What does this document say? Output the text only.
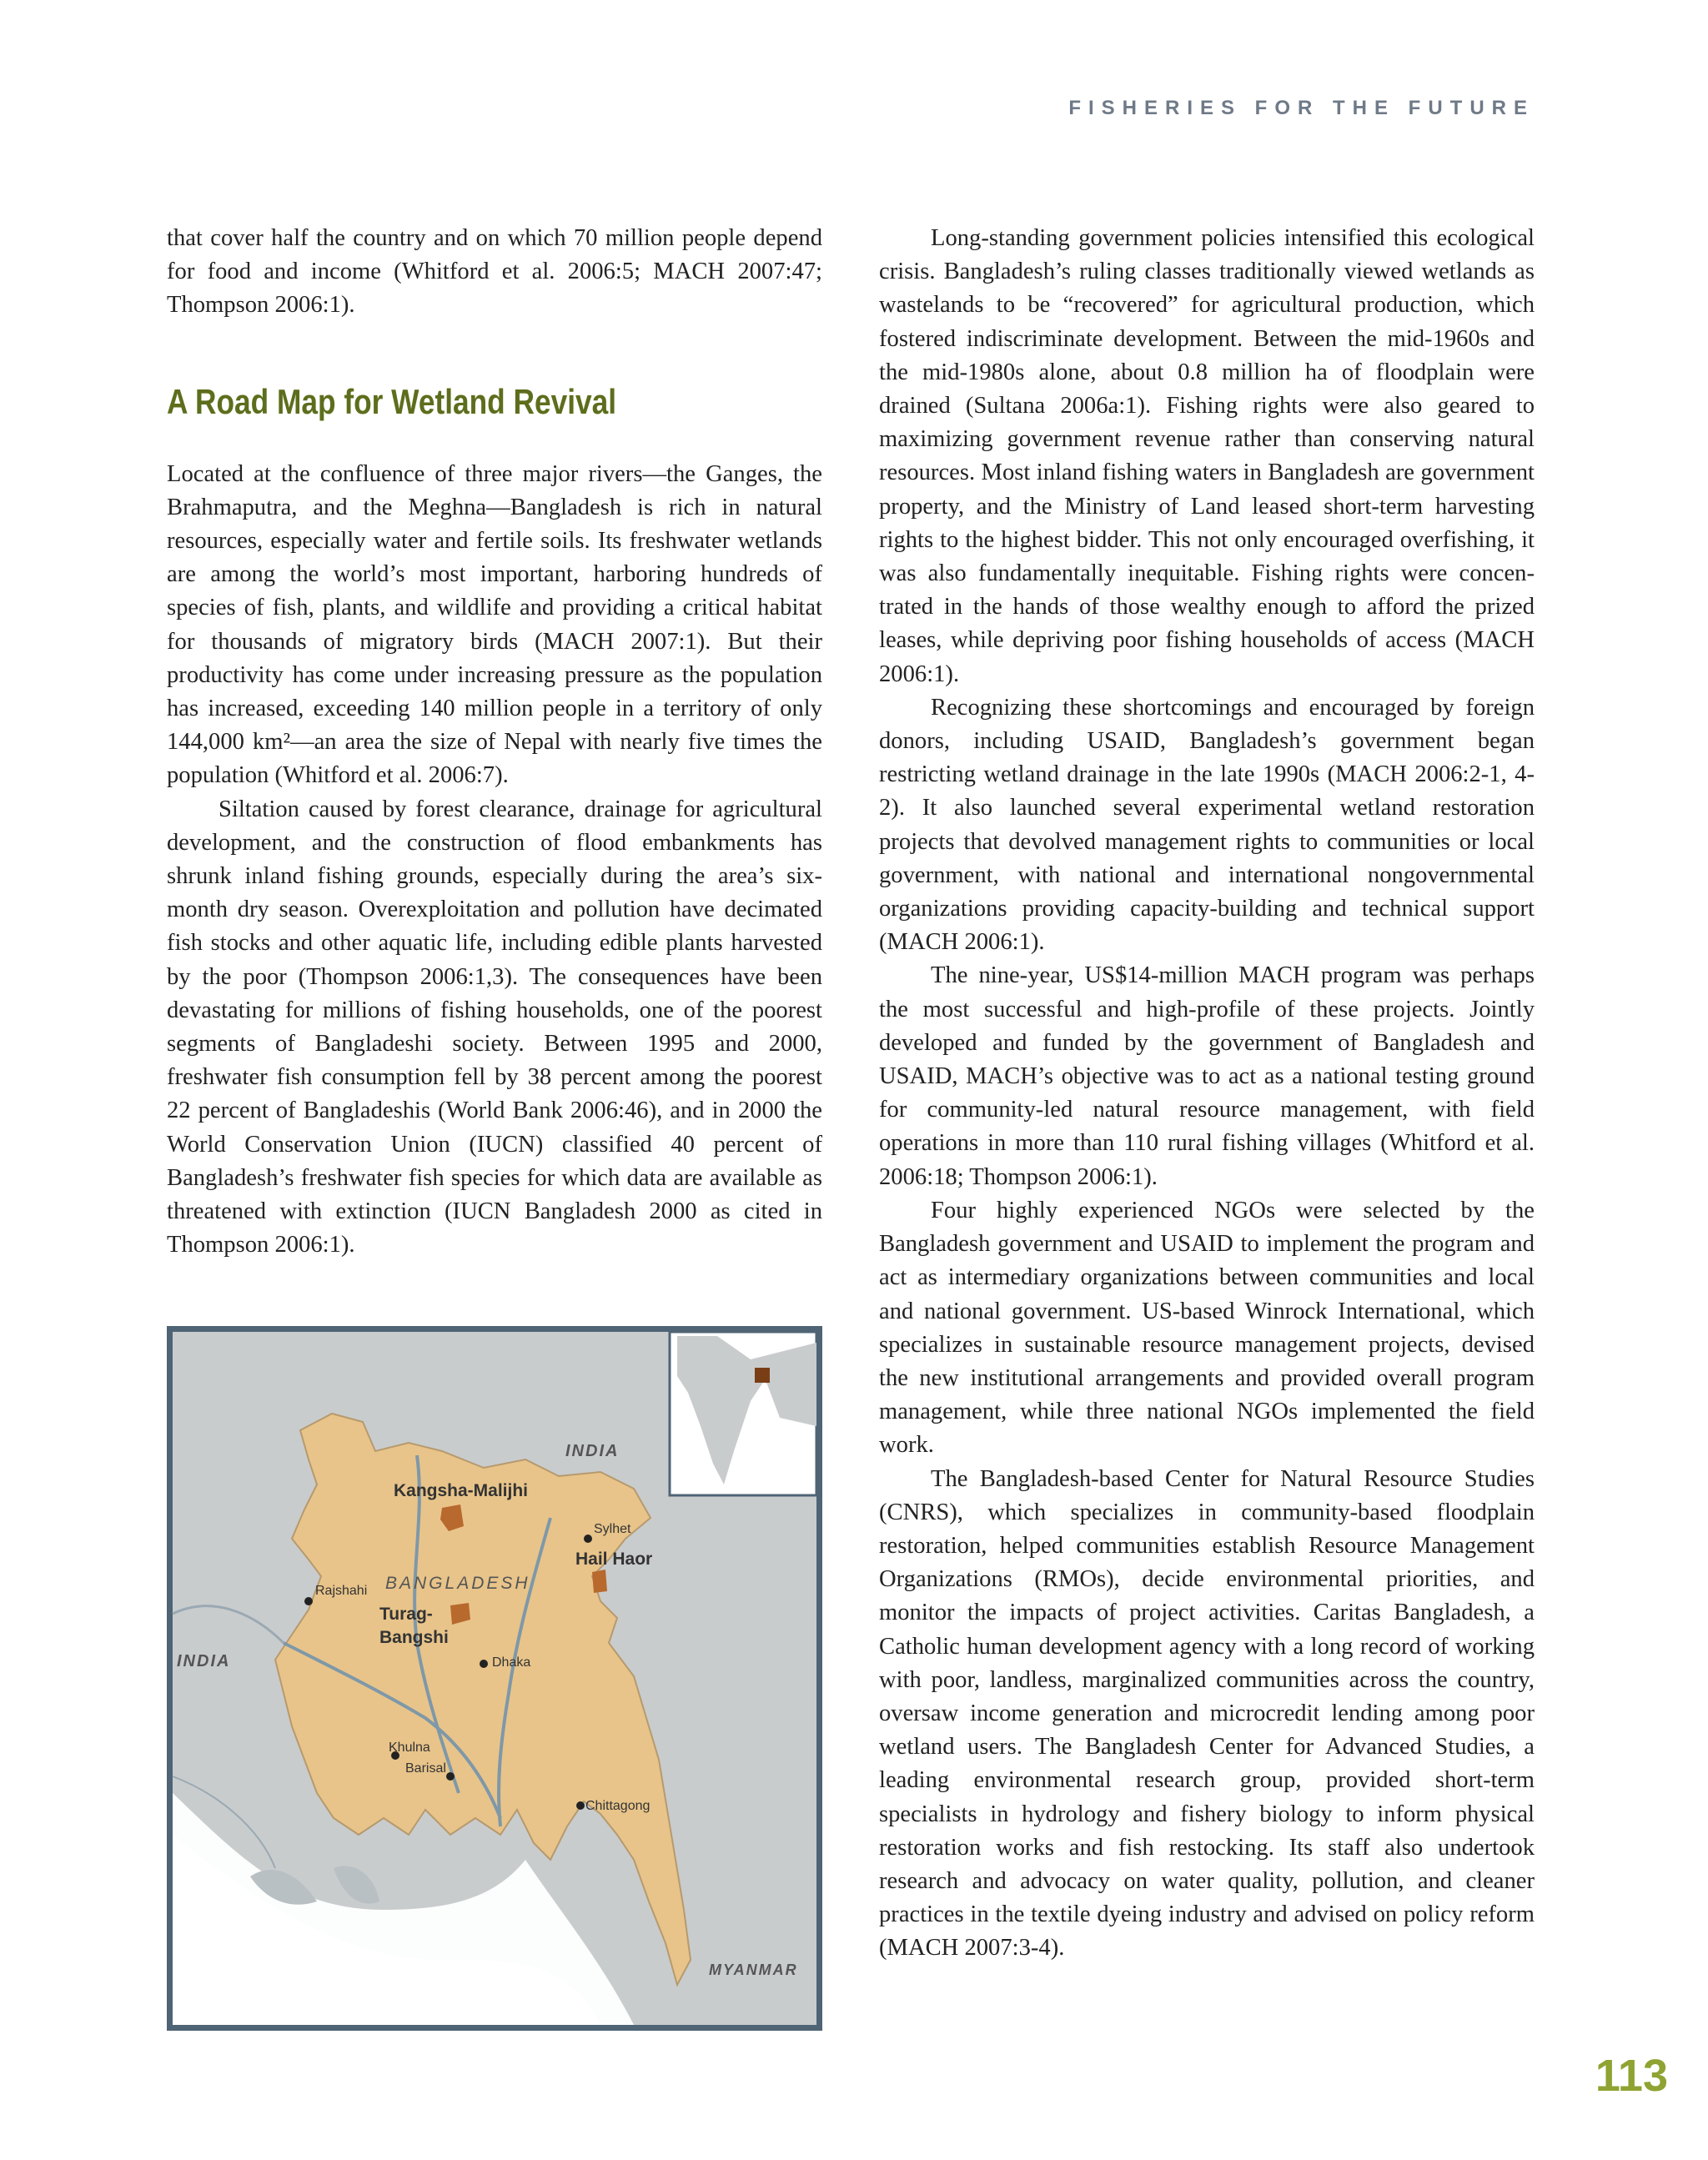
FISHERIES FOR THE FUTURE

that cover half the country and on which 70 million people depend for food and income (Whitford et al. 2006:5; MACH 2007:47; Thompson 2006:1).

A Road Map for Wetland Revival

Located at the confluence of three major rivers—the Ganges, the Brahmaputra, and the Meghna—Bangladesh is rich in natural resources, especially water and fertile soils. Its freshwater wetlands are among the world’s most important, harboring hundreds of species of fish, plants, and wildlife and providing a critical habitat for thousands of migratory birds (MACH 2007:1). But their productivity has come under increasing pressure as the population has increased, exceeding 140 million people in a territory of only 144,000 km²—an area the size of Nepal with nearly five times the population (Whitford et al. 2006:7).

Siltation caused by forest clearance, drainage for agricultural development, and the construction of flood embankments has shrunk inland fishing grounds, especially during the area’s six-month dry season. Overexploitation and pollution have decimated fish stocks and other aquatic life, including edible plants harvested by the poor (Thompson 2006:1,3). The consequences have been devastating for millions of fishing households, one of the poorest segments of Bangladeshi society. Between 1995 and 2000, freshwater fish consumption fell by 38 percent among the poorest 22 percent of Bangladeshis (World Bank 2006:46), and in 2000 the World Conservation Union (IUCN) classified 40 percent of Bangladesh’s freshwater fish species for which data are available as threatened with extinction (IUCN Bangladesh 2000 as cited in Thompson 2006:1).

INDIA
INDIA
BANGLADESH
MYANMAR
Kangsha-Malijhi
Hail Haor
Turag-
Bangshi
Sylhet
Rajshahi
Dhaka
Khulna
Barisal
Chittagong

Long-standing government policies intensified this ecological crisis. Bangladesh’s ruling classes traditionally viewed wetlands as wastelands to be “recovered” for agricultural production, which fostered indiscriminate development. Between the mid-1960s and the mid-1980s alone, about 0.8 million ha of floodplain were drained (Sultana 2006a:1). Fishing rights were also geared to maximizing government revenue rather than conserving natural resources. Most inland fishing waters in Bangladesh are government property, and the Ministry of Land leased short-term harvesting rights to the highest bidder. This not only encouraged overfishing, it was also fundamentally inequitable. Fishing rights were concentrated in the hands of those wealthy enough to afford the prized leases, while depriving poor fishing households of access (MACH 2006:1).

Recognizing these shortcomings and encouraged by foreign donors, including USAID, Bangladesh’s government began restricting wetland drainage in the late 1990s (MACH 2006:2-1, 4-2). It also launched several experimental wetland restoration projects that devolved management rights to communities or local government, with national and international nongovernmental organizations providing capacity-building and technical support (MACH 2006:1).

The nine-year, US$14-million MACH program was perhaps the most successful and high-profile of these projects. Jointly developed and funded by the government of Bangladesh and USAID, MACH’s objective was to act as a national testing ground for community-led natural resource management, with field operations in more than 110 rural fishing villages (Whitford et al. 2006:18; Thompson 2006:1).

Four highly experienced NGOs were selected by the Bangladesh government and USAID to implement the program and act as intermediary organizations between communities and local and national government. US-based Winrock International, which specializes in sustainable resource management projects, devised the new institutional arrangements and provided overall program management, while three national NGOs implemented the field work.

The Bangladesh-based Center for Natural Resource Studies (CNRS), which specializes in community-based floodplain restoration, helped communities establish Resource Management Organizations (RMOs), decide environmental priorities, and monitor the impacts of project activities. Caritas Bangladesh, a Catholic human development agency with a long record of working with poor, landless, marginalized communities across the country, oversaw income generation and microcredit lending among poor wetland users. The Bangladesh Center for Advanced Studies, a leading environmental research group, provided short-term specialists in hydrology and fishery biology to inform physical restoration works and fish restocking. Its staff also undertook research and advocacy on water quality, pollution, and cleaner practices in the textile dyeing industry and advised on policy reform (MACH 2007:3-4).

113
